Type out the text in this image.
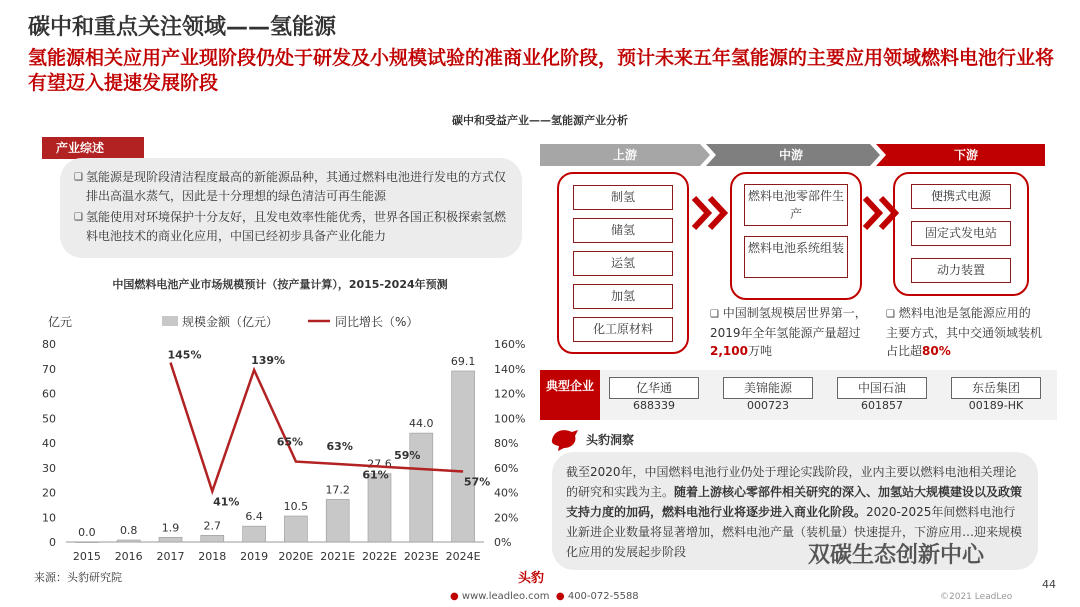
碳中和重点关注领域——氢能源
氢能源相关应用产业现阶段仍处于研发及小规模试验的准商业化阶段，预计未来五年氢能源的主要应用领域燃料电池行业将有望迈入提速发展阶段
碳中和受益产业——氢能源产业分析
产业综述
❑ 氢能源是现阶段清洁程度最高的新能源品种，其通过燃料电池进行发电的方式仅排出高温水蒸气，因此是十分理想的绿色清洁可再生能源
❑ 氢能使用对环境保护十分友好，且发电效率性能优秀，世界各国正积极探索氢燃料电池技术的商业化应用，中国已经初步具备产业化能力
中国燃料电池产业市场规模预计（按产量计算），2015-2024年预测
亿元	规模金额（亿元）	同比增长（%）
0
10
20
30
40
50
60
70
80
0%
20%
40%
60%
80%
100%
120%
140%
160%
0.0
2015
0.8
2016
1.9
2017
2.7
2018
6.4
2019
10.5
2020E
17.2
2021E
27.6
2022E
44.0
2023E
69.1
2024E
145%
41%
139%
65% 63%
61%
59%
57%
来源：头豹研究院
上游	中游	下游
制氢
储氢
运氢
加氢
化工原材料
燃料电池零部件生产
燃料电池系统组装
便携式电源
固定式发电站
动力装置
❑ 中国制氢规模居世界第一，2019年全年氢能源产量超过2,100万吨
❑ 燃料电池是氢能源应用的主要方式，其中交通领域装机占比超80%
典型企业	亿华通
688339
美锦能源
000723
中国石油
601857
东岳集团
00189-HK
截至2020年，中国燃料电池行业仍处于理论实践阶段，业内主要以燃料电池相关理论的研究和实践为主。随着上游核心零部件相关研究的深入、加氢站大规模建设以及政策支持力度的加码，燃料电池行业将逐步进入商业化阶段。2020-2025年间燃料电池行业新进企业数量将显著增加，燃料电池产量（装机量）快速提升，下游应用…迎来规模化应用的发展起步阶段
头豹洞察
双碳生态创新中心
44
头豹
● www.leadleo.com ● 400-072-5588	©2021 LeadLeo
